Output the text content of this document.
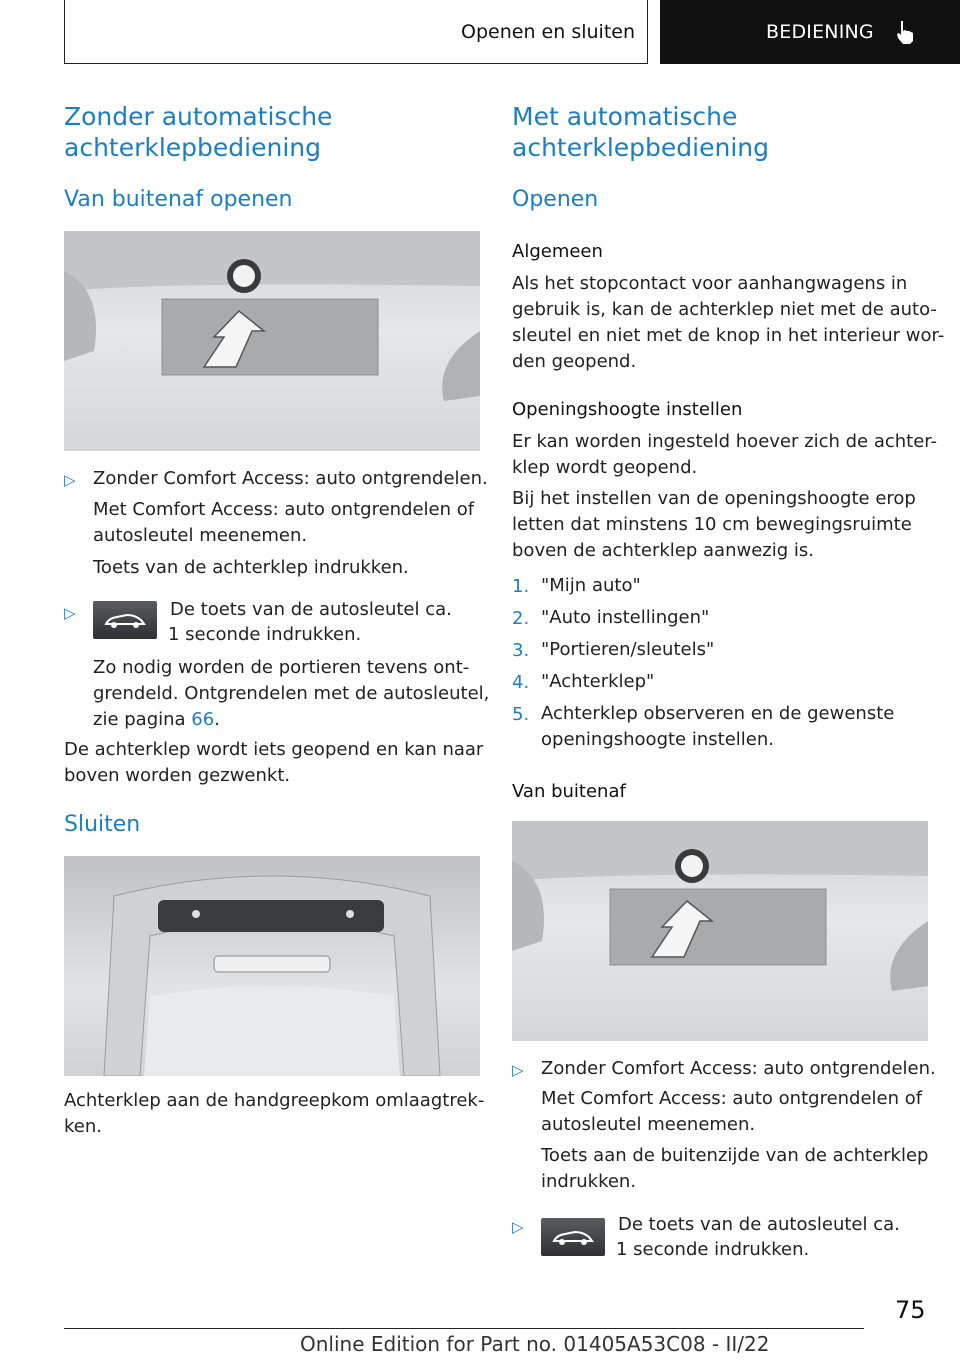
Openen en sluiten	BEDIENING
Zonder automatische
achterklepbediening
Van buitenaf openen
▷ Zonder Comfort Access: auto ontgrendelen.

Met Comfort Access: auto ontgrendelen of
autosleutel meenemen.

Toets van de achterklep indrukken.

▷	De toets van de autosleutel ca.

1 seconde indrukken.

Zo nodig worden de portieren tevens ont-
grendeld. Ontgrendelen met de autosleutel,
zie pagina 66.

De achterklep wordt iets geopend en kan naar
boven worden gezwenkt.

Sluiten

Achterklep aan de handgreepkom omlaagtrek-
ken.

Met automatische
achterklepbediening
Openen
Algemeen

Als het stopcontact voor aanhangwagens in
gebruik is, kan de achterklep niet met de auto-
sleutel en niet met de knop in het interieur wor-
den geopend.

Openingshoogte instellen

Er kan worden ingesteld hoever zich de achter-
klep wordt geopend.

Bij het instellen van de openingshoogte erop
letten dat minstens 10 cm bewegingsruimte
boven de achterklep aanwezig is.

1. "Mijn auto"

2. "Auto instellingen"

3. "Portieren/sleutels"

4. "Achterklep"

5. Achterklep observeren en de gewenste
openingshoogte instellen.

Van buitenaf
▷ Zonder Comfort Access: auto ontgrendelen.

Met Comfort Access: auto ontgrendelen of
autosleutel meenemen.

Toets aan de buitenzijde van de achterklep
indrukken.

▷	De toets van de autosleutel ca.

1 seconde indrukken.

75
Online Edition for Part no. 01405A53C08 - II/22
